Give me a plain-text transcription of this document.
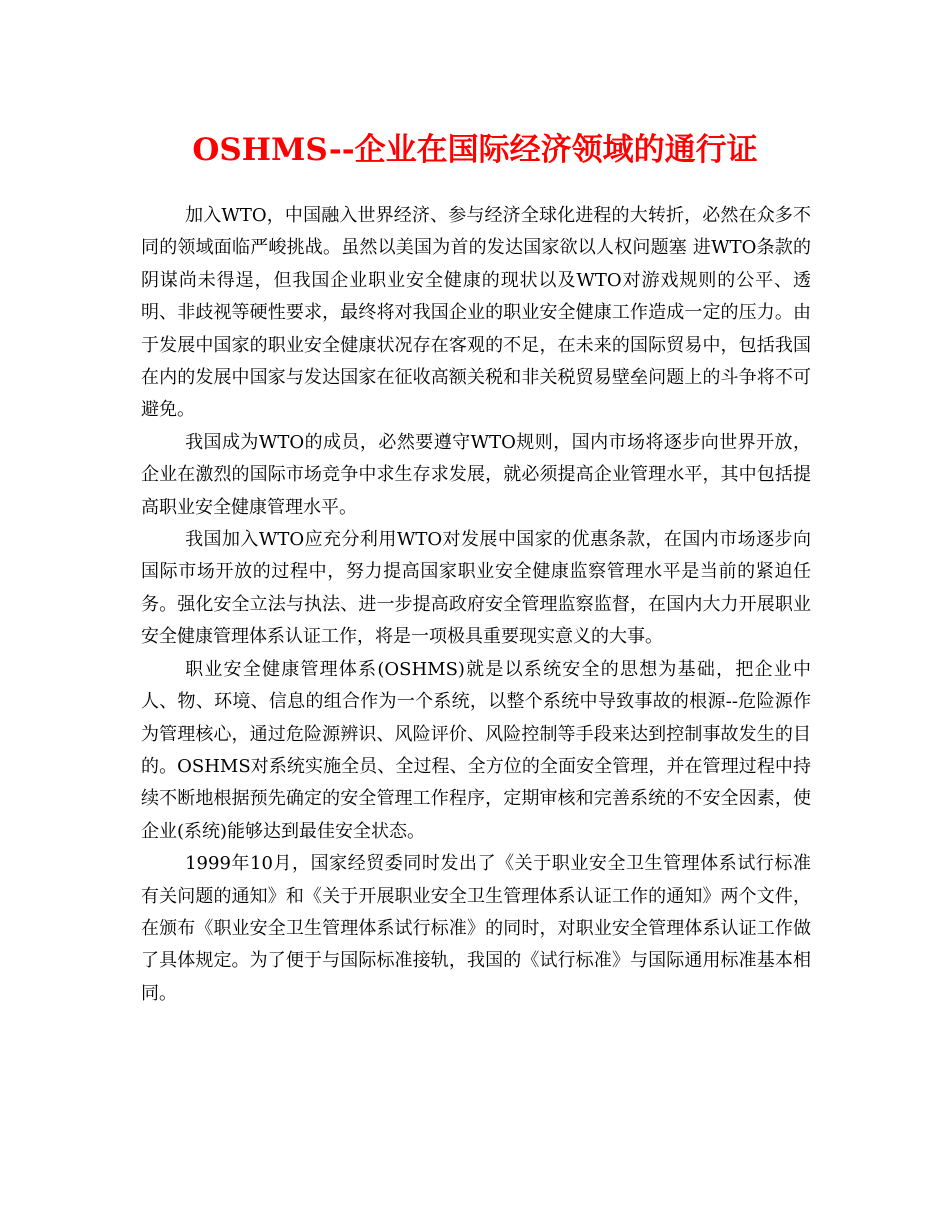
OSHMS--企业在国际经济领域的通行证

加入WTO，中国融入世界经济、参与经济全球化进程的大转折，必然在众多不同的领域面临严峻挑战。虽然以美国为首的发达国家欲以人权问题塞 进WTO条款的阴谋尚未得逞，但我国企业职业安全健康的现状以及WTO对游戏规则的公平、透明、非歧视等硬性要求，最终将对我国企业的职业安全健康工作造成一定的压力。由于发展中国家的职业安全健康状况存在客观的不足，在未来的国际贸易中，包括我国在内的发展中国家与发达国家在征收高额关税和非关税贸易壁垒问题上的斗争将不可避免。

我国成为WTO的成员，必然要遵守WTO规则，国内市场将逐步向世界开放，企业在激烈的国际市场竞争中求生存求发展，就必须提高企业管理水平，其中包括提高职业安全健康管理水平。

我国加入WTO应充分利用WTO对发展中国家的优惠条款，在国内市场逐步向国际市场开放的过程中，努力提高国家职业安全健康监察管理水平是当前的紧迫任务。强化安全立法与执法、进一步提高政府安全管理监察监督，在国内大力开展职业安全健康管理体系认证工作，将是一项极具重要现实意义的大事。

职业安全健康管理体系(OSHMS)就是以系统安全的思想为基础，把企业中人、物、环境、信息的组合作为一个系统，以整个系统中导致事故的根源--危险源作为管理核心，通过危险源辨识、风险评价、风险控制等手段来达到控制事故发生的目的。OSHMS对系统实施全员、全过程、全方位的全面安全管理，并在管理过程中持续不断地根据预先确定的安全管理工作程序，定期审核和完善系统的不安全因素，使企业(系统)能够达到最佳安全状态。

1999年10月，国家经贸委同时发出了《关于职业安全卫生管理体系试行标准有关问题的通知》和《关于开展职业安全卫生管理体系认证工作的通知》两个文件，在颁布《职业安全卫生管理体系试行标准》的同时，对职业安全管理体系认证工作做了具体规定。为了便于与国际标准接轨，我国的《试行标准》与国际通用标准基本相同。
